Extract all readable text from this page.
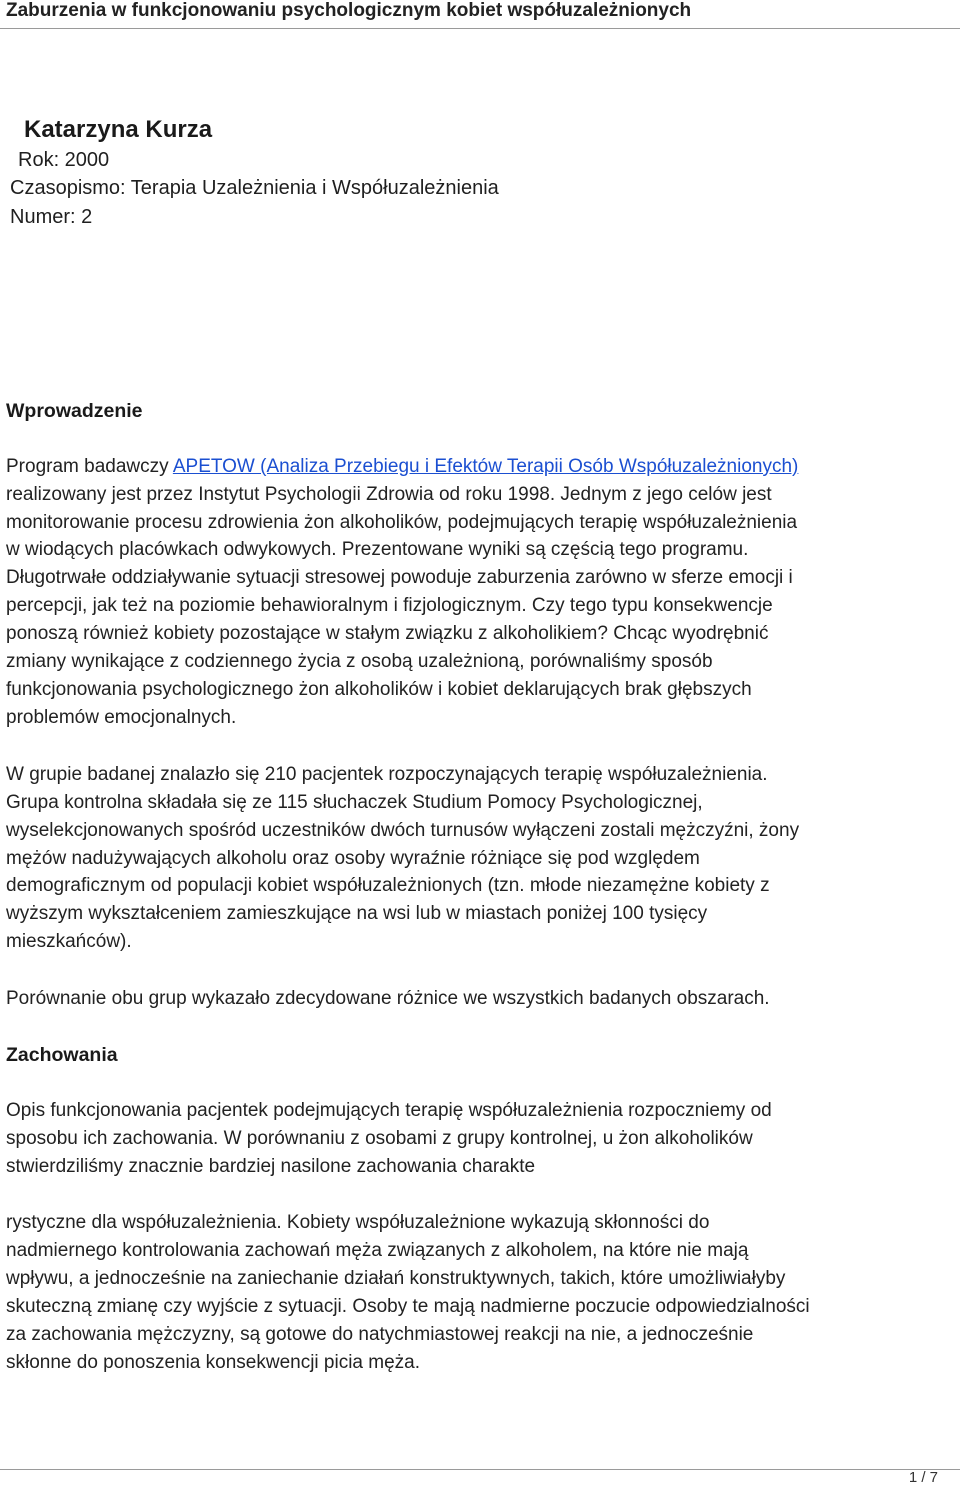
Zaburzenia w funkcjonowaniu psychologicznym kobiet współuzależnionych
Katarzyna Kurza
Rok: 2000
Czasopismo: Terapia Uzależnienia i Współuzależnienia
Numer: 2
Wprowadzenie
Program badawczy APETOW (Analiza Przebiegu i Efektów Terapii Osób Współuzależnionych)
realizowany jest przez Instytut Psychologii Zdrowia od roku 1998. Jednym z jego celów jest
monitorowanie procesu zdrowienia żon alkoholików, podejmujących terapię współuzależnienia
w wiodących placówkach odwykowych. Prezentowane wyniki są częścią tego programu.
Długotrwałe oddziaływanie sytuacji stresowej powoduje zaburzenia zarówno w sferze emocji i
percepcji, jak też na poziomie behawioralnym i fizjologicznym. Czy tego typu konsekwencje
ponoszą również kobiety pozostające w stałym związku z alkoholikiem? Chcąc wyodrębnić
zmiany wynikające z codziennego życia z osobą uzależnioną, porównaliśmy sposób
funkcjonowania psychologicznego żon alkoholików i kobiet deklarujących brak głębszych
problemów emocjonalnych.
W grupie badanej znalazło się 210 pacjentek rozpoczynających terapię współuzależnienia.
Grupa kontrolna składała się ze 115 słuchaczek Studium Pomocy Psychologicznej,
wyselekcjonowanych spośród uczestników dwóch turnusów wyłączeni zostali mężczyźni, żony
mężów nadużywających alkoholu oraz osoby wyraźnie różniące się pod względem
demograficznym od populacji kobiet współuzależnionych (tzn. młode niezamężne kobiety z
wyższym wykształceniem zamieszkujące na wsi lub w miastach poniżej 100 tysięcy
mieszkańców).
Porównanie obu grup wykazało zdecydowane różnice we wszystkich badanych obszarach.
Zachowania
Opis funkcjonowania pacjentek podejmujących terapię współuzależnienia rozpoczniemy od
sposobu ich zachowania. W porównaniu z osobami z grupy kontrolnej, u żon alkoholików
stwierdziliśmy znacznie bardziej nasilone zachowania charakte
rystyczne dla współuzależnienia. Kobiety współuzależnione wykazują skłonności do
nadmiernego kontrolowania zachowań męża związanych z alkoholem, na które nie mają
wpływu, a jednocześnie na zaniechanie działań konstruktywnych, takich, które umożliwiałyby
skuteczną zmianę czy wyjście z sytuacji. Osoby te mają nadmierne poczucie odpowiedzialności
za zachowania mężczyzny, są gotowe do natychmiastowej reakcji na nie, a jednocześnie
skłonne do ponoszenia konsekwencji picia męża.
1 / 7
